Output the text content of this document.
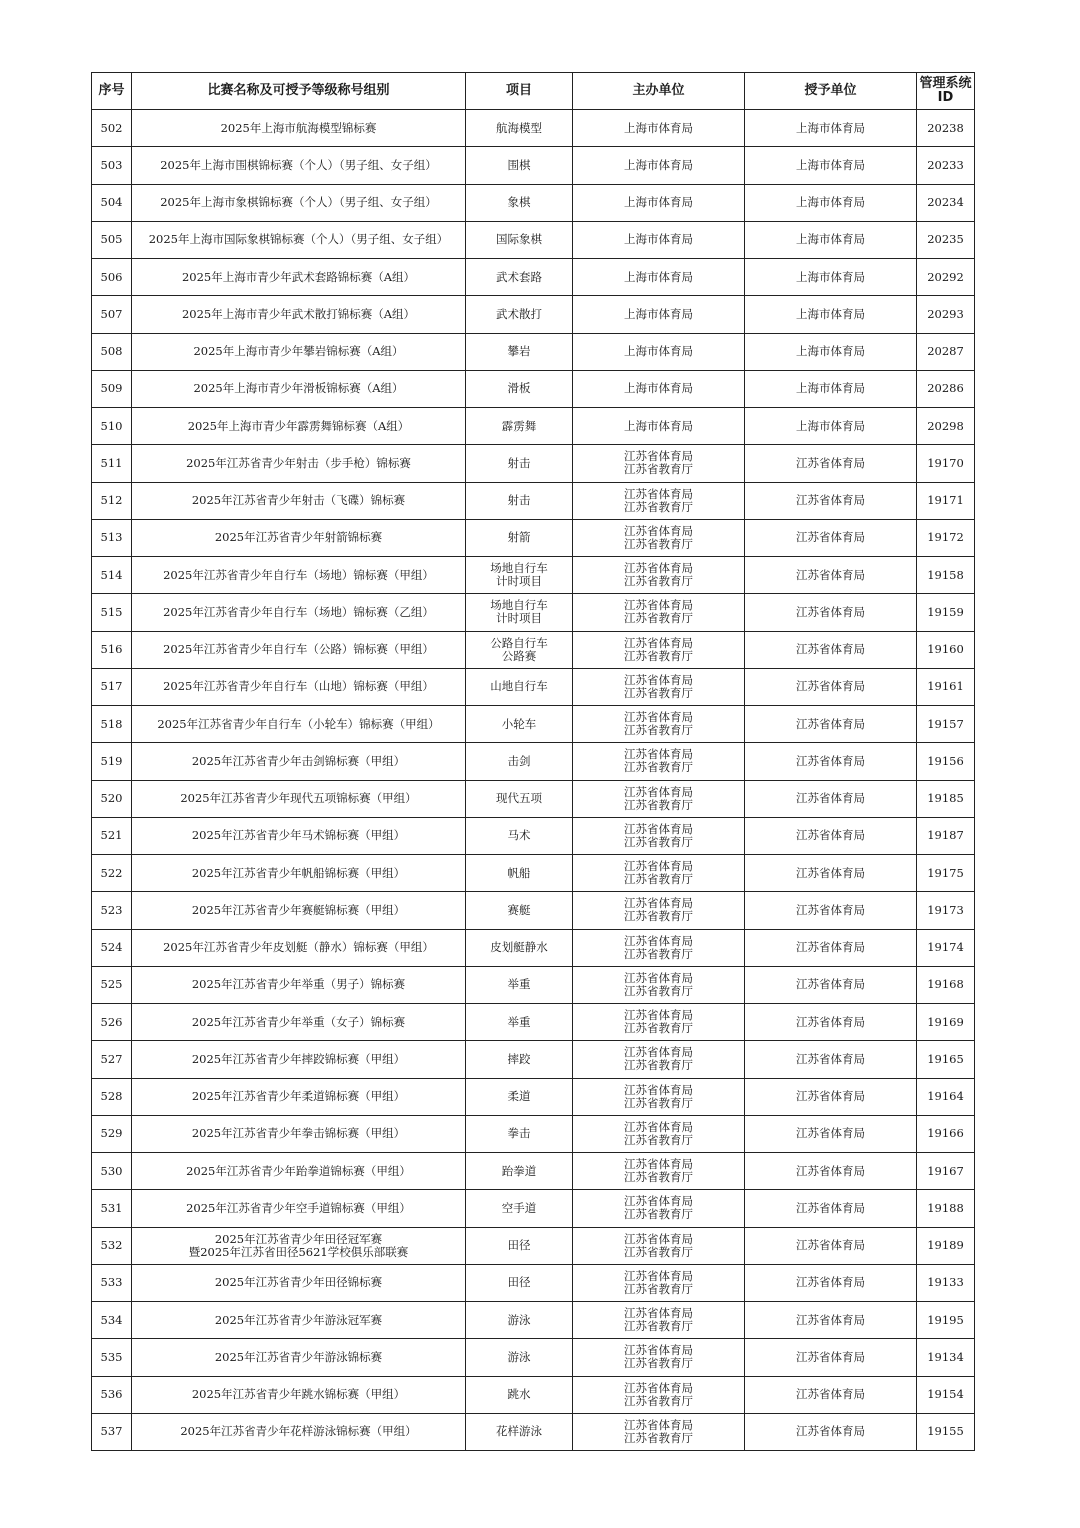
序号	比赛名称及可授予等级称号组别	项目	主办单位	授予单位	管理系统
ID

502	2025年上海市航海模型锦标赛	航海模型	上海市体育局	上海市体育局	20238
503	2025年上海市围棋锦标赛（个人）（男子组、女子组）	围棋	上海市体育局	上海市体育局	20233
504	2025年上海市象棋锦标赛（个人）（男子组、女子组）	象棋	上海市体育局	上海市体育局	20234
505	2025年上海市国际象棋锦标赛（个人）（男子组、女子组）	国际象棋	上海市体育局	上海市体育局	20235
506	2025年上海市青少年武术套路锦标赛（A组）	武术套路	上海市体育局	上海市体育局	20292
507	2025年上海市青少年武术散打锦标赛（A组）	武术散打	上海市体育局	上海市体育局	20293
508	2025年上海市青少年攀岩锦标赛（A组）	攀岩	上海市体育局	上海市体育局	20287
509	2025年上海市青少年滑板锦标赛（A组）	滑板	上海市体育局	上海市体育局	20286
510	2025年上海市青少年霹雳舞锦标赛（A组）	霹雳舞	上海市体育局	上海市体育局	20298
511	2025年江苏省青少年射击（步手枪）锦标赛	射击	江苏省体育局
江苏省教育厅	江苏省体育局	19170
512	2025年江苏省青少年射击（飞碟）锦标赛	射击	江苏省体育局
江苏省教育厅	江苏省体育局	19171
513	2025年江苏省青少年射箭锦标赛	射箭	江苏省体育局
江苏省教育厅	江苏省体育局	19172
514	2025年江苏省青少年自行车（场地）锦标赛（甲组）	场地自行车
计时项目	江苏省体育局
江苏省教育厅	江苏省体育局	19158
515	2025年江苏省青少年自行车（场地）锦标赛（乙组）	场地自行车
计时项目	江苏省体育局
江苏省教育厅	江苏省体育局	19159
516	2025年江苏省青少年自行车（公路）锦标赛（甲组）	公路自行车
公路赛	江苏省体育局
江苏省教育厅	江苏省体育局	19160
517	2025年江苏省青少年自行车（山地）锦标赛（甲组）	山地自行车	江苏省体育局
江苏省教育厅	江苏省体育局	19161
518	2025年江苏省青少年自行车（小轮车）锦标赛（甲组）	小轮车	江苏省体育局
江苏省教育厅	江苏省体育局	19157
519	2025年江苏省青少年击剑锦标赛（甲组）	击剑	江苏省体育局
江苏省教育厅	江苏省体育局	19156
520	2025年江苏省青少年现代五项锦标赛（甲组）	现代五项	江苏省体育局
江苏省教育厅	江苏省体育局	19185
521	2025年江苏省青少年马术锦标赛（甲组）	马术	江苏省体育局
江苏省教育厅	江苏省体育局	19187
522	2025年江苏省青少年帆船锦标赛（甲组）	帆船	江苏省体育局
江苏省教育厅	江苏省体育局	19175
523	2025年江苏省青少年赛艇锦标赛（甲组）	赛艇	江苏省体育局
江苏省教育厅	江苏省体育局	19173
524	2025年江苏省青少年皮划艇（静水）锦标赛（甲组）	皮划艇静水	江苏省体育局
江苏省教育厅	江苏省体育局	19174
525	2025年江苏省青少年举重（男子）锦标赛	举重	江苏省体育局
江苏省教育厅	江苏省体育局	19168
526	2025年江苏省青少年举重（女子）锦标赛	举重	江苏省体育局
江苏省教育厅	江苏省体育局	19169
527	2025年江苏省青少年摔跤锦标赛（甲组）	摔跤	江苏省体育局
江苏省教育厅	江苏省体育局	19165
528	2025年江苏省青少年柔道锦标赛（甲组）	柔道	江苏省体育局
江苏省教育厅	江苏省体育局	19164
529	2025年江苏省青少年拳击锦标赛（甲组）	拳击	江苏省体育局
江苏省教育厅	江苏省体育局	19166
530	2025年江苏省青少年跆拳道锦标赛（甲组）	跆拳道	江苏省体育局
江苏省教育厅	江苏省体育局	19167
531	2025年江苏省青少年空手道锦标赛（甲组）	空手道	江苏省体育局
江苏省教育厅	江苏省体育局	19188
532	2025年江苏省青少年田径冠军赛
暨2025年江苏省田径5621学校俱乐部联赛	田径	江苏省体育局
江苏省教育厅	江苏省体育局	19189
533	2025年江苏省青少年田径锦标赛	田径	江苏省体育局
江苏省教育厅	江苏省体育局	19133
534	2025年江苏省青少年游泳冠军赛	游泳	江苏省体育局
江苏省教育厅	江苏省体育局	19195
535	2025年江苏省青少年游泳锦标赛	游泳	江苏省体育局
江苏省教育厅	江苏省体育局	19134
536	2025年江苏省青少年跳水锦标赛（甲组）	跳水	江苏省体育局
江苏省教育厅	江苏省体育局	19154
537	2025年江苏省青少年花样游泳锦标赛（甲组）	花样游泳	江苏省体育局
江苏省教育厅	江苏省体育局	19155
